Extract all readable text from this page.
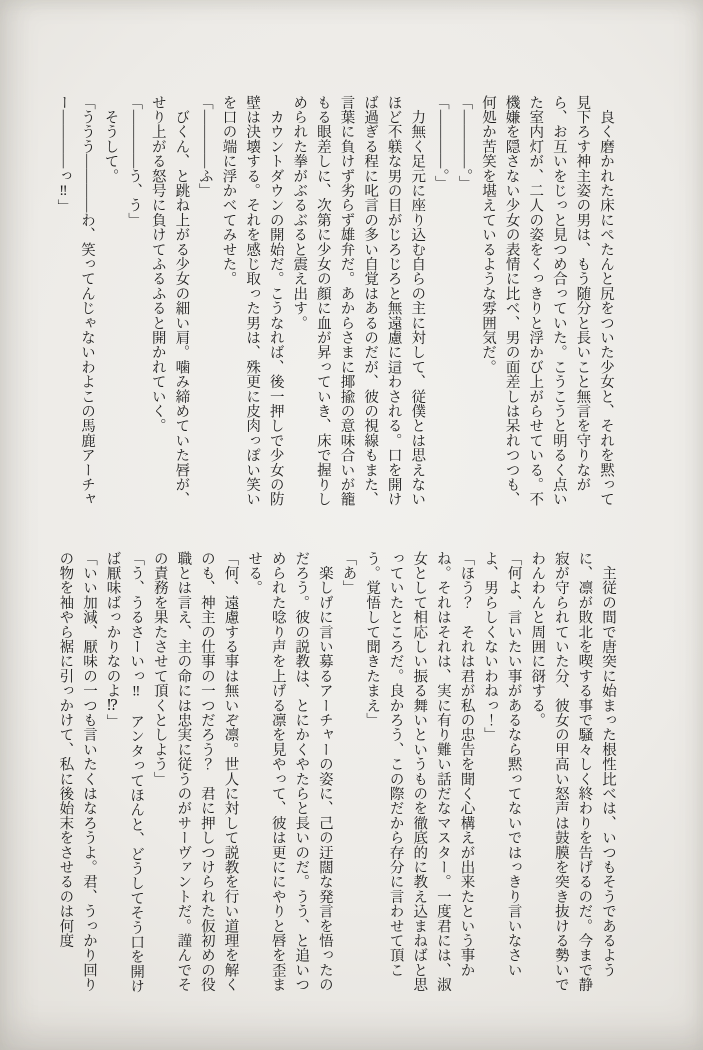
　良く磨かれた床にぺたんと尻をついた少女と、それを黙って見下ろす神主姿の男は、もう随分と長いこと無言を守りながら、お互いをじっと見つめ合っていた。こうこうと明るく点いた室内灯が、二人の姿をくっきりと浮かび上がらせている。不機嫌を隠さない少女の表情に比べ、男の面差しは呆れつつも、何処か苦笑を堪えているような雰囲気だ。

「――――。」

「――――。」

　力無く足元に座り込む自らの主に対して、従僕とは思えないほど不躾な男の目がじろじろと無遠慮に這わされる。口を開けば過ぎる程に叱言の多い自覚はあるのだが、彼の視線もまた、言葉に負けず劣らず雄弁だ。あからさまに揶揄の意味合いが籠もる眼差しに、次第に少女の顔に血が昇っていき、床で握りしめられた拳がぶるぶると震え出す。

　カウントダウンの開始だ。こうなれば、後一押しで少女の防壁は決壊する。それを感じ取った男は、殊更に皮肉っぽい笑いを口の端に浮かべてみせた。

「――――ふ」

　びくん、と跳ね上がる少女の細い肩。噛み締めていた唇が、せり上がる怒号に負けてふるふると開かれていく。

「――――う、う」

　そうして。

「ううう――――わ、笑ってんじゃないわよこの馬鹿アーチャー――――っ‼」

　主従の間で唐突に始まった根性比べは、いつもそうであるように、凛が敗北を喫する事で騒々しく終わりを告げるのだ。今まで静寂が守られていた分、彼女の甲高い怒声は鼓膜を突き抜ける勢いでわんわんと周囲に谺する。

「何よ、言いたい事があるなら黙ってないではっきり言いなさいよ、男らしくないわねっ！」

「ほう？　それは君が私の忠告を聞く心構えが出来たという事かね。それはそれは、実に有り難い話だなマスター。一度君には、淑女として相応しい振る舞いというものを徹底的に教え込まねばと思っていたところだ。良かろう、この際だから存分に言わせて頂こう。覚悟して聞きたまえ」

「あ」

　楽しげに言い募るアーチャーの姿に、己の迂闊な発言を悟ったのだろう。彼の説教は、とにかくやたらと長いのだ。うう、と追いつめられた唸り声を上げる凛を見やって、彼は更ににやりと唇を歪ませる。

「何、遠慮する事は無いぞ凛。世人に対して説教を行い道理を解くのも、神主の仕事の一つだろう？　君に押しつけられた仮初めの役職とは言え、主の命には忠実に従うのがサーヴァントだ。謹んでその責務を果たさせて頂くとしよう」

「う、うるさーいっ‼　アンタってほんと、どうしてそう口を開けば厭味ばっかりなのよ⁉」

「いい加減、厭味の一つも言いたくはなろうよ。君、うっかり回りの物を袖やら裾に引っかけて、私に後始末をさせるのは何度
